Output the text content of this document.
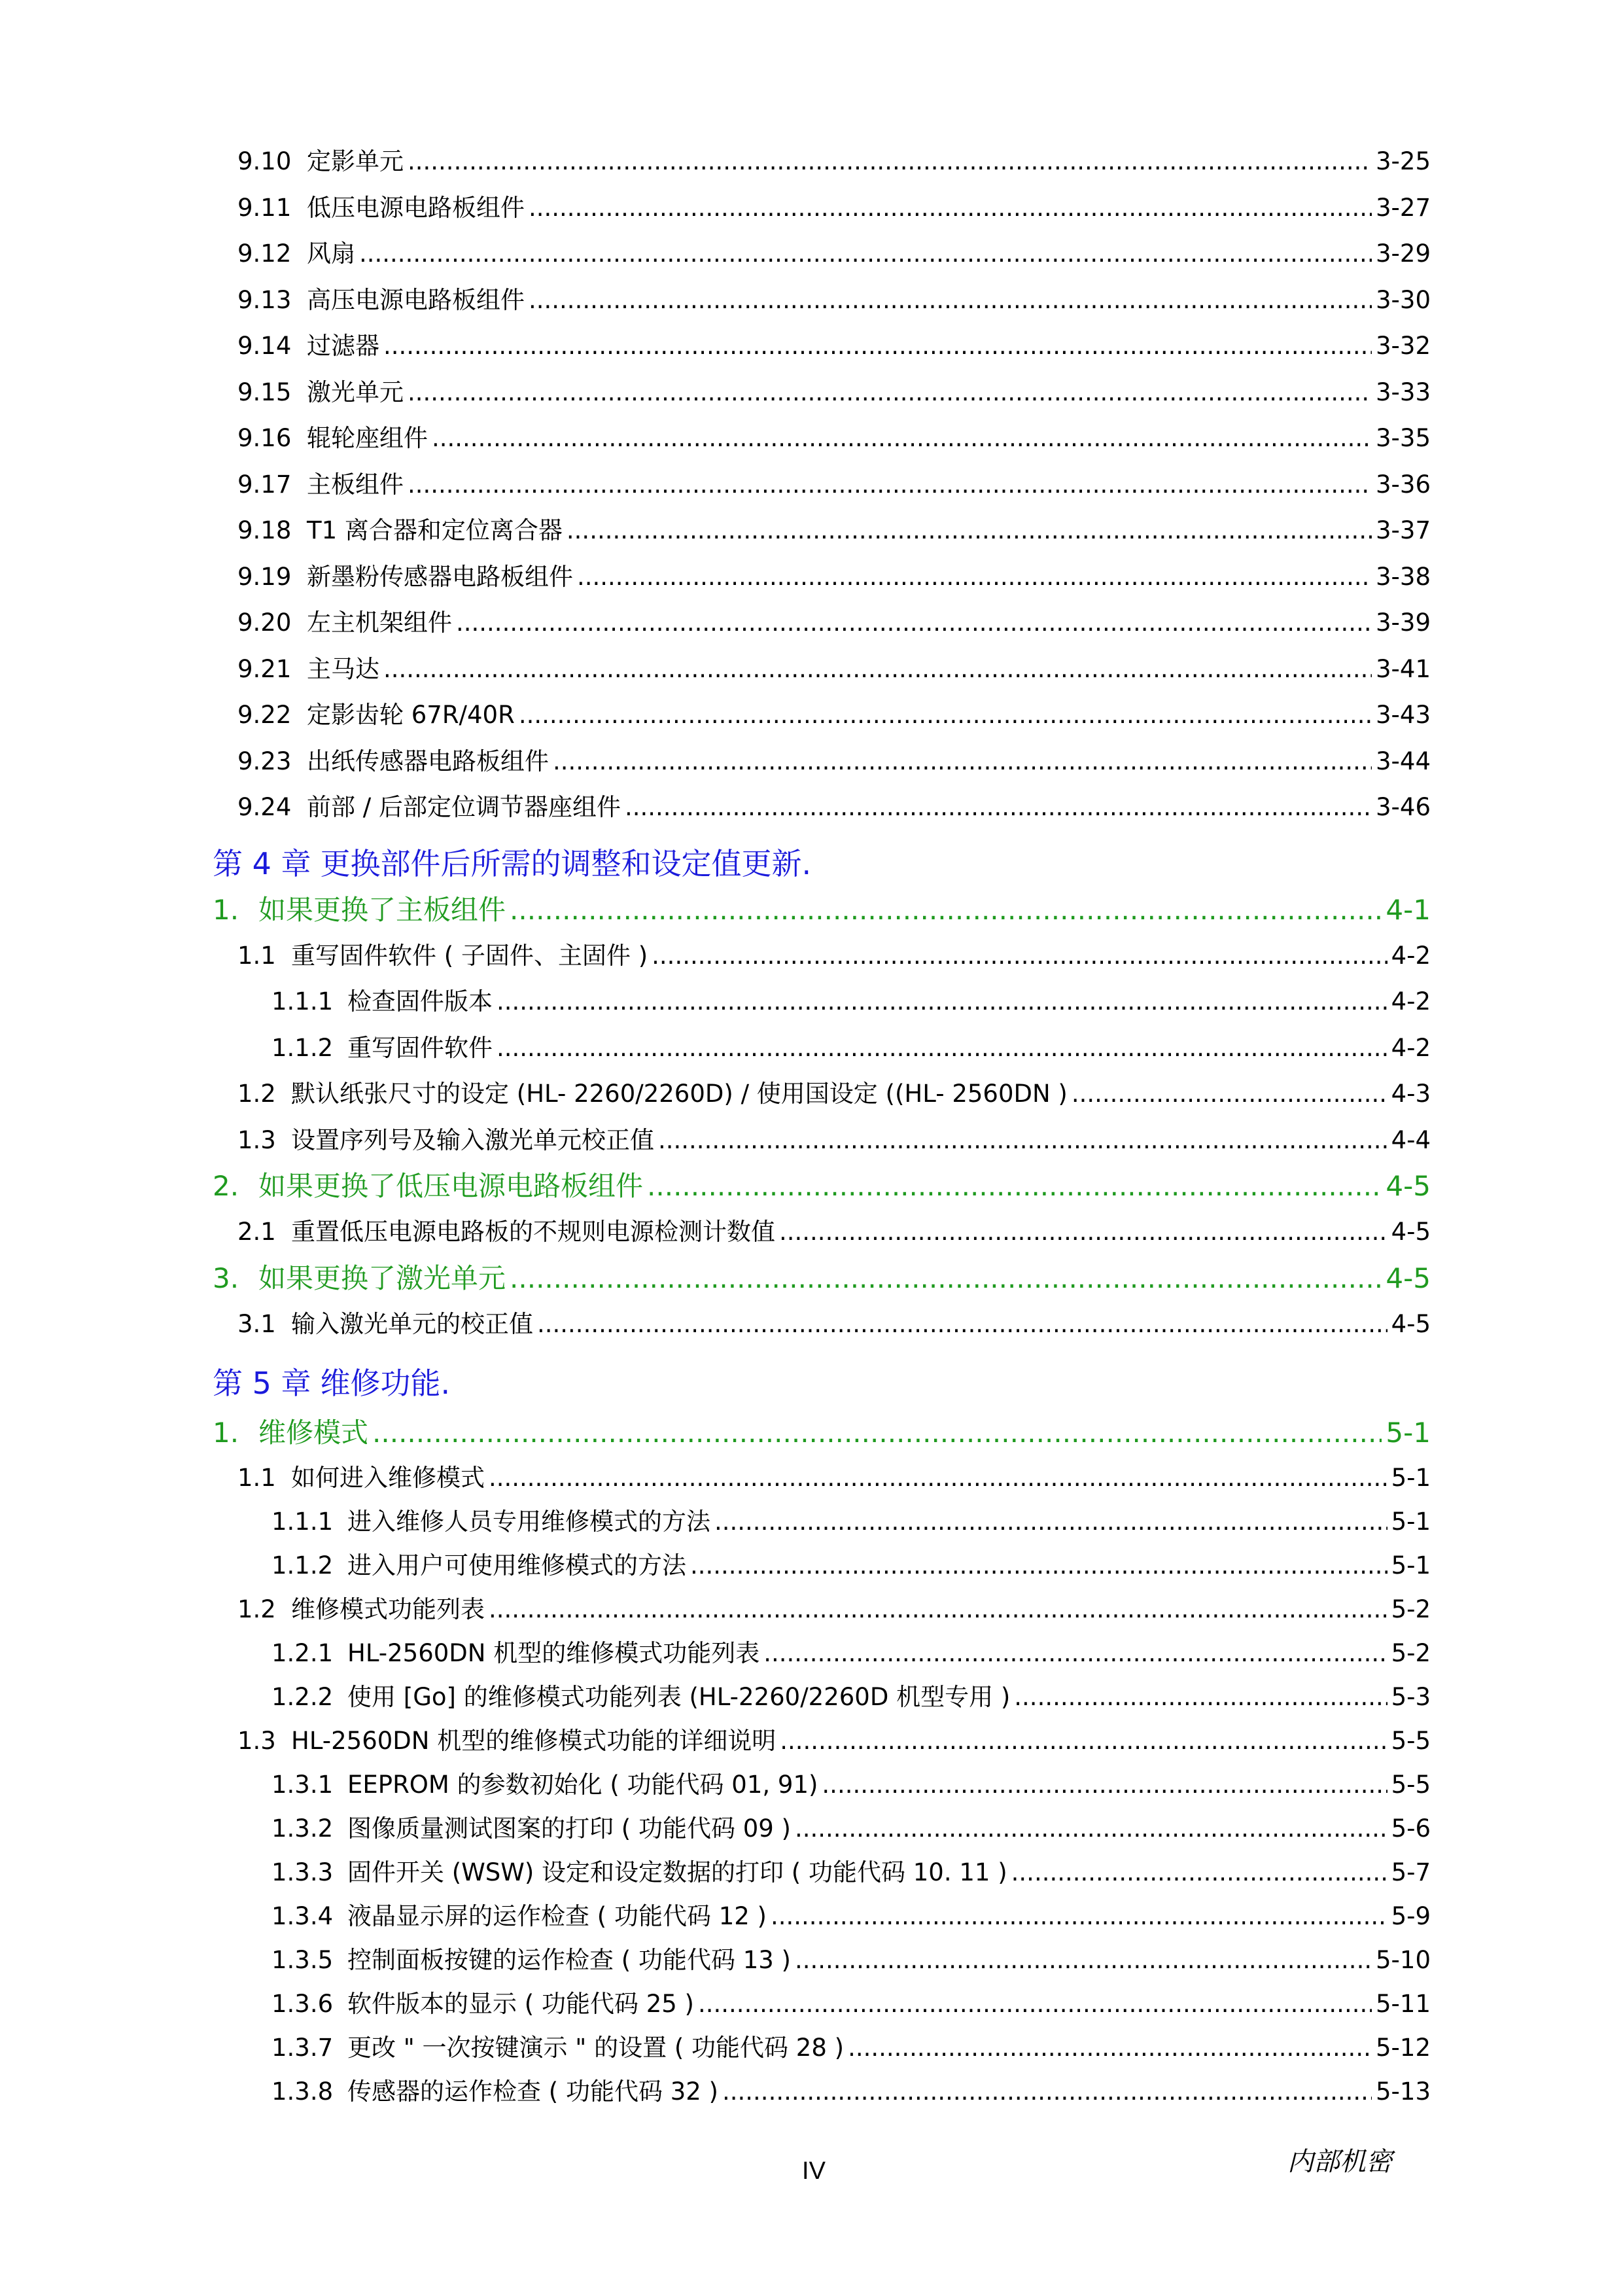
9.10 定影单元 .....	3-25
9.11 低压电源电路板组件 .....	3-27
9.12 风扇 .....	3-29
9.13 高压电源电路板组件 .....	3-30
9.14 过滤器 .....	3-32
9.15 激光单元 .....	3-33
9.16 辊轮座组件 .....	3-35
9.17 主板组件 .....	3-36
9.18 T1 离合器和定位离合器 .....	3-37
9.19 新墨粉传感器电路板组件 .....	3-38
9.20 左主机架组件 .....	3-39
9.21 主马达 .....	3-41
9.22 定影齿轮 67R/40R .....	3-43
9.23 出纸传感器电路板组件 .....	3-44
9.24 前部 / 后部定位调节器座组件 .....	3-46
第 4 章 更换部件后所需的调整和设定值更新.
1. 如果更换了主板组件 .....	4-1
1.1 重写固件软件 ( 子固件、主固件 ) .....	4-2
1.1.1 检查固件版本 .....	4-2
1.1.2 重写固件软件 .....	4-2
1.2 默认纸张尺寸的设定 (HL- 2260/2260D) / 使用国设定 ((HL- 2560DN ) .....	4-3
1.3 设置序列号及输入激光单元校正值 .....	4-4
2. 如果更换了低压电源电路板组件 .....	4-5
2.1 重置低压电源电路板的不规则电源检测计数值 .....	4-5
3. 如果更换了激光单元 .....	4-5
3.1 输入激光单元的校正值 .....	4-5
第 5 章 维修功能.
1. 维修模式 .....	5-1
1.1 如何进入维修模式 .....	5-1
1.1.1 进入维修人员专用维修模式的方法 .....	5-1
1.1.2 进入用户可使用维修模式的方法 .....	5-1
1.2 维修模式功能列表 .....	5-2
1.2.1 HL-2560DN 机型的维修模式功能列表 .....	5-2
1.2.2 使用 [Go] 的维修模式功能列表 (HL-2260/2260D 机型专用 ) .....	5-3
1.3 HL-2560DN 机型的维修模式功能的详细说明 .....	5-5
1.3.1 EEPROM 的参数初始化 ( 功能代码 01, 91) .....	5-5
1.3.2 图像质量测试图案的打印 ( 功能代码 09 ) .....	5-6
1.3.3 固件开关 (WSW) 设定和设定数据的打印 ( 功能代码 10. 11 ) .....	5-7
1.3.4 液晶显示屏的运作检查 ( 功能代码 12 ) .....	5-9
1.3.5 控制面板按键的运作检查 ( 功能代码 13 ) .....	5-10
1.3.6 软件版本的显示 ( 功能代码 25 ) .....	5-11
1.3.7 更改 " 一次按键演示 " 的设置 ( 功能代码 28 ) .....	5-12
1.3.8 传感器的运作检查 ( 功能代码 32 ) .....	5-13
IV	内部机密
